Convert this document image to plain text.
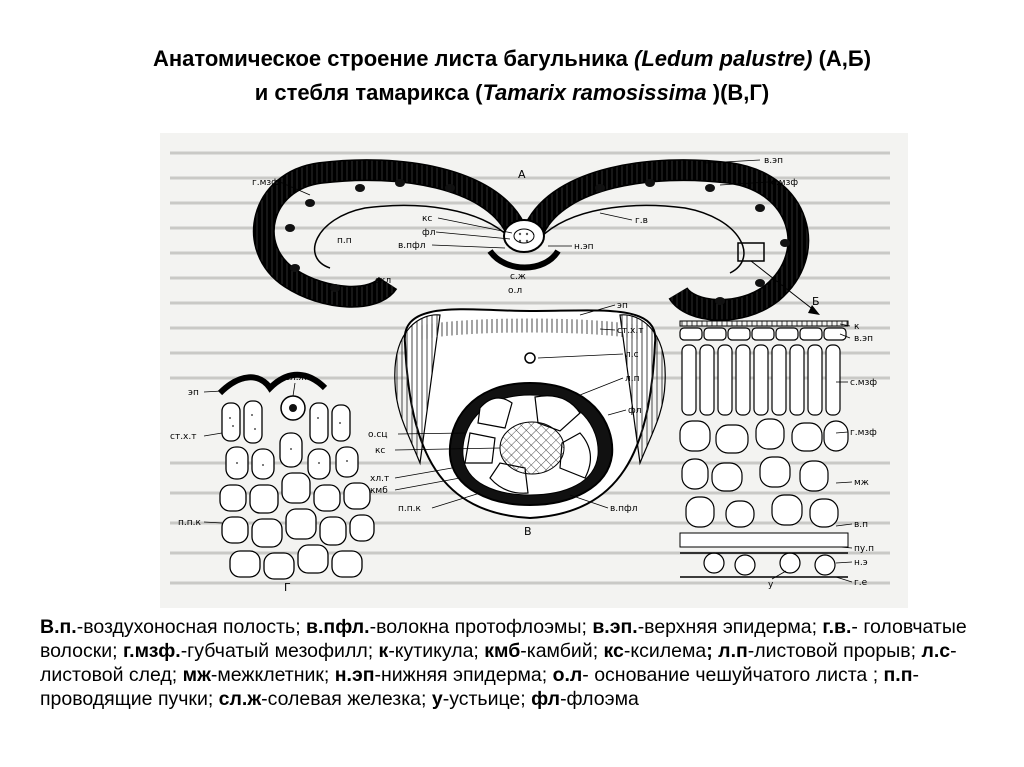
Анатомическое строение листа багульника (Ledum palustre) (А,Б)
и стебля тамарикса (Tamarix ramosissima )(В,Г)
А
в.эп
с.мзф
г.мзф
г.в
кс
фл
в.пфл	н.эп
п.п
скл	с.ж
о.л
В
эп
ст.х.т
л.с
л.п
фл
о.сц
кс
хл.т
кмб
п.п.к	в.пфл
сл.ж
эп
ст.х.т
п.п.к
Г
Б
к
в.эп
с.мзф
г.мзф
мж
в.п
пу.п
н.э
г.е
у
В.п.-воздухоносная полость; в.пфл.-волокна протофлоэмы; в.эп.-верхняя эпидерма; г.в.- головчатые волоски; г.мзф.-губчатый мезофилл; к-кутикула; кмб-камбий; кс-ксилема; л.п-листовой прорыв; л.с-листовой след; мж-межклетник; н.эп-нижняя эпидерма; о.л- основание чешуйчатого листа ; п.п-проводящие пучки; сл.ж-солевая железка; у-устьице; фл-флоэма
